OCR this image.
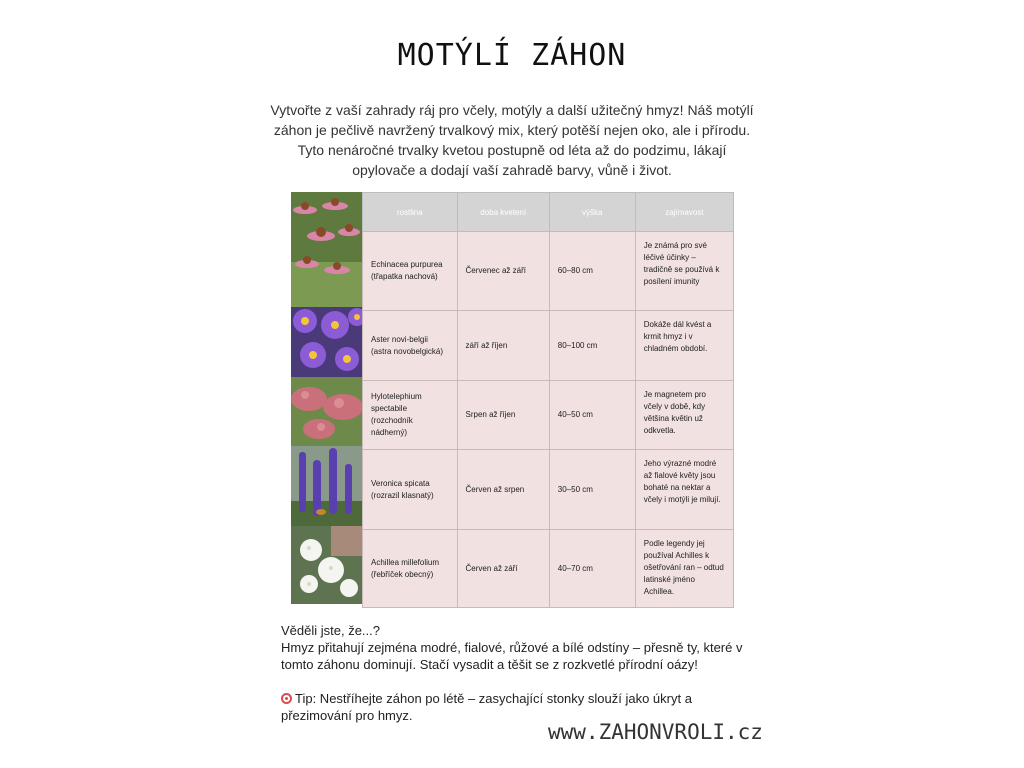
MOTÝLÍ ZÁHON
Vytvořte z vaší zahrady ráj pro včely, motýly a další užitečný hmyz! Náš motýlí záhon je pečlivě navržený trvalkový mix, který potěší nejen oko, ale i přírodu. Tyto nenáročné trvalky kvetou postupně od léta až do podzimu, lákají opylovače a dodají vaší zahradě barvy, vůně i život.
rostlina	doba kvetení	výška	zajímavost
Echinacea purpurea (třapatka nachová)	Červenec až září	60–80 cm	Je známá pro své léčivé účinky – tradičně se používá k posílení imunity
Aster novi-belgii (astra novobelgická)	září až říjen	80–100 cm	Dokáže dál kvést a krmit hmyz i v chladném období.
Hylotelephium spectabile (rozchodník nádherný)	Srpen až říjen	40–50 cm	Je magnetem pro včely v době, kdy většina květin už odkvetla.
Veronica spicata (rozrazil klasnatý)	Červen až srpen	30–50 cm	Jeho výrazné modré až fialové květy jsou bohaté na nektar a včely i motýli je milují.
Achillea millefolium (řebříček obecný)	Červen až září	40–70 cm	Podle legendy jej používal Achilles k ošetřování ran – odtud latinské jméno Achillea.

Věděli jste, že...?

Hmyz přitahují zejména modré, fialové, růžové a bílé odstíny – přesně ty, které v tomto záhonu dominují. Stačí vysadit a těšit se z rozkvetlé přírodní oázy!

Tip: Nestříhejte záhon po létě – zasychající stonky slouží jako úkryt a přezimování pro hmyz.

www.ZAHONVROLI.cz
